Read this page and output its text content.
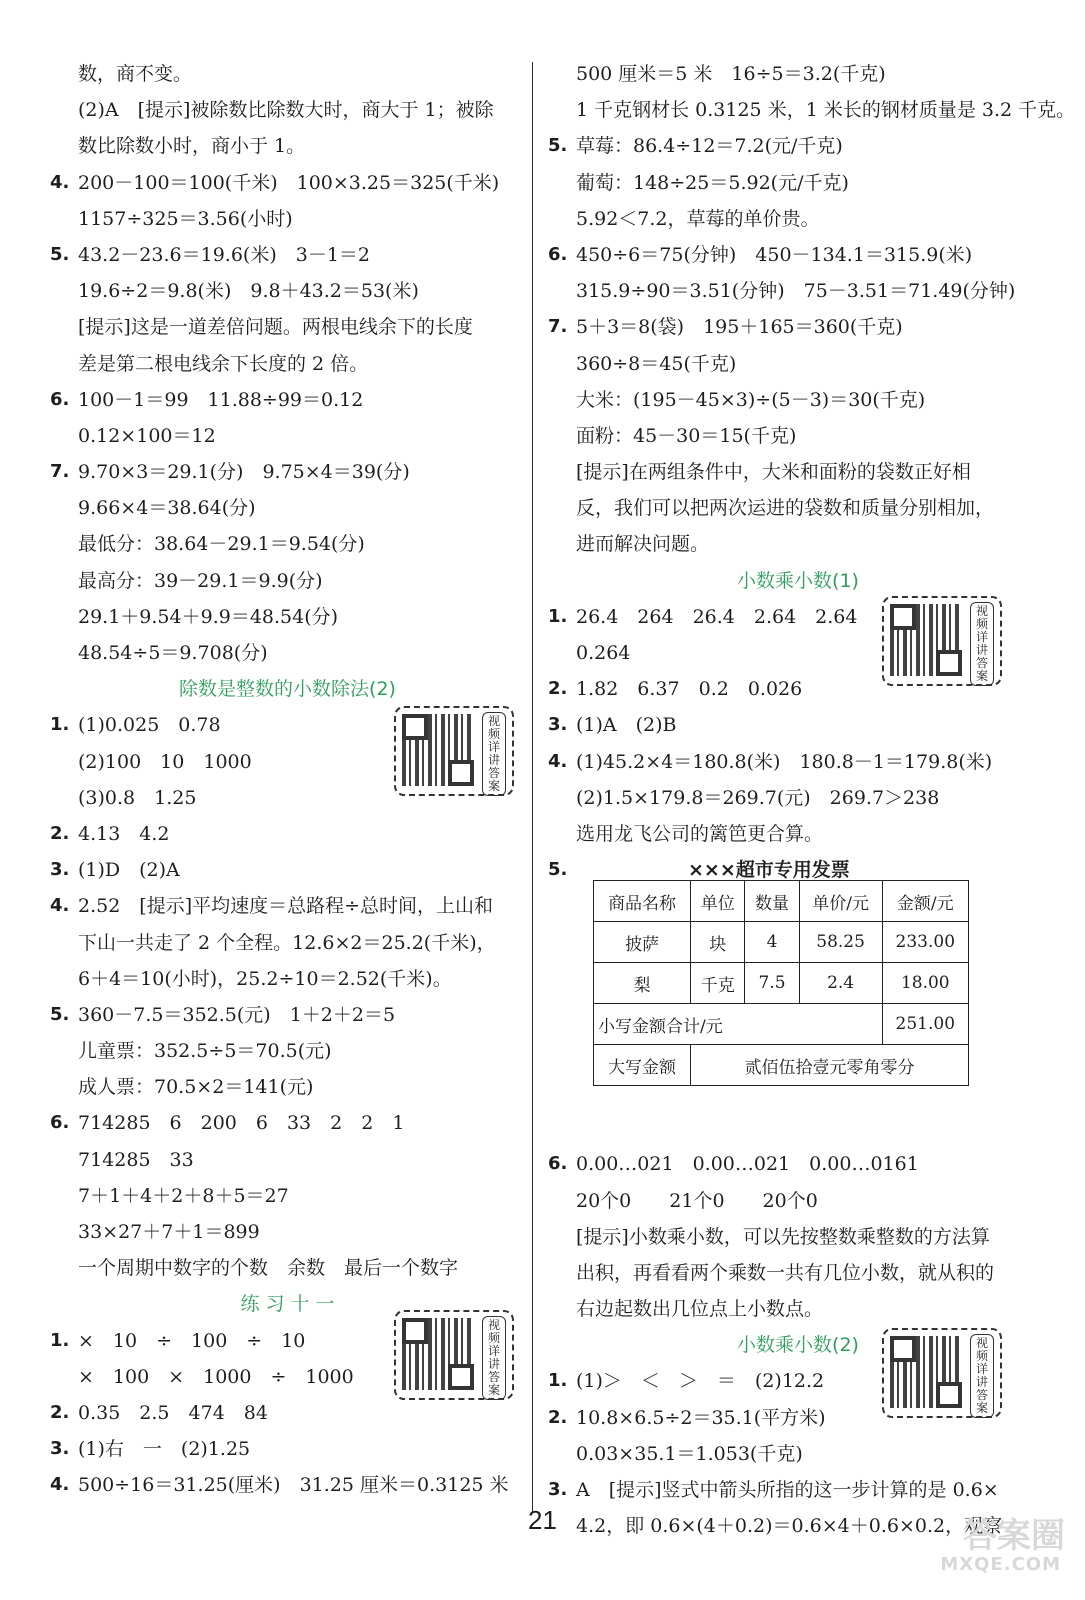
数，商不变。
(2)A　[提示]被除数比除数大时，商大于 1；被除
数比除数小时，商小于 1。
4. 200－100＝100(千米)　100×3.25＝325(千米)
1157÷325＝3.56(小时)
5. 43.2－23.6＝19.6(米)　3－1＝2
19.6÷2＝9.8(米)　9.8＋43.2＝53(米)
[提示]这是一道差倍问题。两根电线余下的长度
差是第二根电线余下长度的 2 倍。
6. 100－1＝99　11.88÷99＝0.12
0.12×100＝12
7. 9.70×3＝29.1(分)　9.75×4＝39(分)
9.66×4＝38.64(分)
最低分：38.64－29.1＝9.54(分)
最高分：39－29.1＝9.9(分)
29.1＋9.54＋9.9＝48.54(分)
48.54÷5＝9.708(分)
除数是整数的小数除法(2)
1. (1)0.025　0.78
(2)100　10　1000
(3)0.8　1.25
2. 4.13　4.2
3. (1)D　(2)A
4. 2.52　[提示]平均速度＝总路程÷总时间，上山和
下山一共走了 2 个全程。12.6×2＝25.2(千米)，
6＋4＝10(小时)，25.2÷10＝2.52(千米)。
5. 360－7.5＝352.5(元)　1＋2＋2＝5
儿童票：352.5÷5＝70.5(元)
成人票：70.5×2＝141(元)
6. 714285　6　200　6　33　2　2　1
714285　33
7＋1＋4＋2＋8＋5＝27
33×27＋7＋1＝899
一个周期中数字的个数　余数　最后一个数字
练 习 十 一
1. ×　10　÷　100　÷　10
×　100　×　1000　÷　1000
2. 0.35　2.5　474　84
3. (1)右　一　(2)1.25
4. 500÷16＝31.25(厘米)　31.25 厘米＝0.3125 米
500 厘米＝5 米　16÷5＝3.2(千克)
1 千克钢材长 0.3125 米，1 米长的钢材质量是 3.2 千克。
5. 草莓：86.4÷12＝7.2(元/千克)
葡萄：148÷25＝5.92(元/千克)
5.92＜7.2，草莓的单价贵。
6. 450÷6＝75(分钟)　450－134.1＝315.9(米)
315.9÷90＝3.51(分钟)　75－3.51＝71.49(分钟)
7. 5＋3＝8(袋)　195＋165＝360(千克)
360÷8＝45(千克)
大米：(195－45×3)÷(5－3)＝30(千克)
面粉：45－30＝15(千克)
[提示]在两组条件中，大米和面粉的袋数正好相
反，我们可以把两次运进的袋数和质量分别相加，
进而解决问题。
小数乘小数(1)
1. 26.4　264　26.4　2.64　2.64
0.264
2. 1.82　6.37　0.2　0.026
3. (1)A　(2)B
4. (1)45.2×4＝180.8(米)　180.8－1＝179.8(米)
(2)1.5×179.8＝269.7(元)　269.7＞238
选用龙飞公司的篱笆更合算。
5.	×××超市专用发票
6. 0.00…021　0.00…021　0.00…0161
20个0　　21个0　　20个0
[提示]小数乘小数，可以先按整数乘整数的方法算
出积，再看看两个乘数一共有几位小数，就从积的
右边起数出几位点上小数点。
小数乘小数(2)
1. (1)＞　＜　＞　＝　(2)12.2
2. 10.8×6.5÷2＝35.1(平方米)
0.03×35.1＝1.053(千克)
3. A　[提示]竖式中箭头所指的这一步计算的是 0.6×
4.2，即 0.6×(4＋0.2)＝0.6×4＋0.6×0.2，观察
商品名称	单位	数量	单价/元	金额/元
披萨	块	4	58.25	233.00
梨	千克	7.5	2.4	18.00
小写金额合计/元				251.00
大写金额	贰佰伍拾壹元零角零分			
视频详讲答案
视频详讲答案
视频详讲答案
视频详讲答案
21	答案圈
MXQE.COM
